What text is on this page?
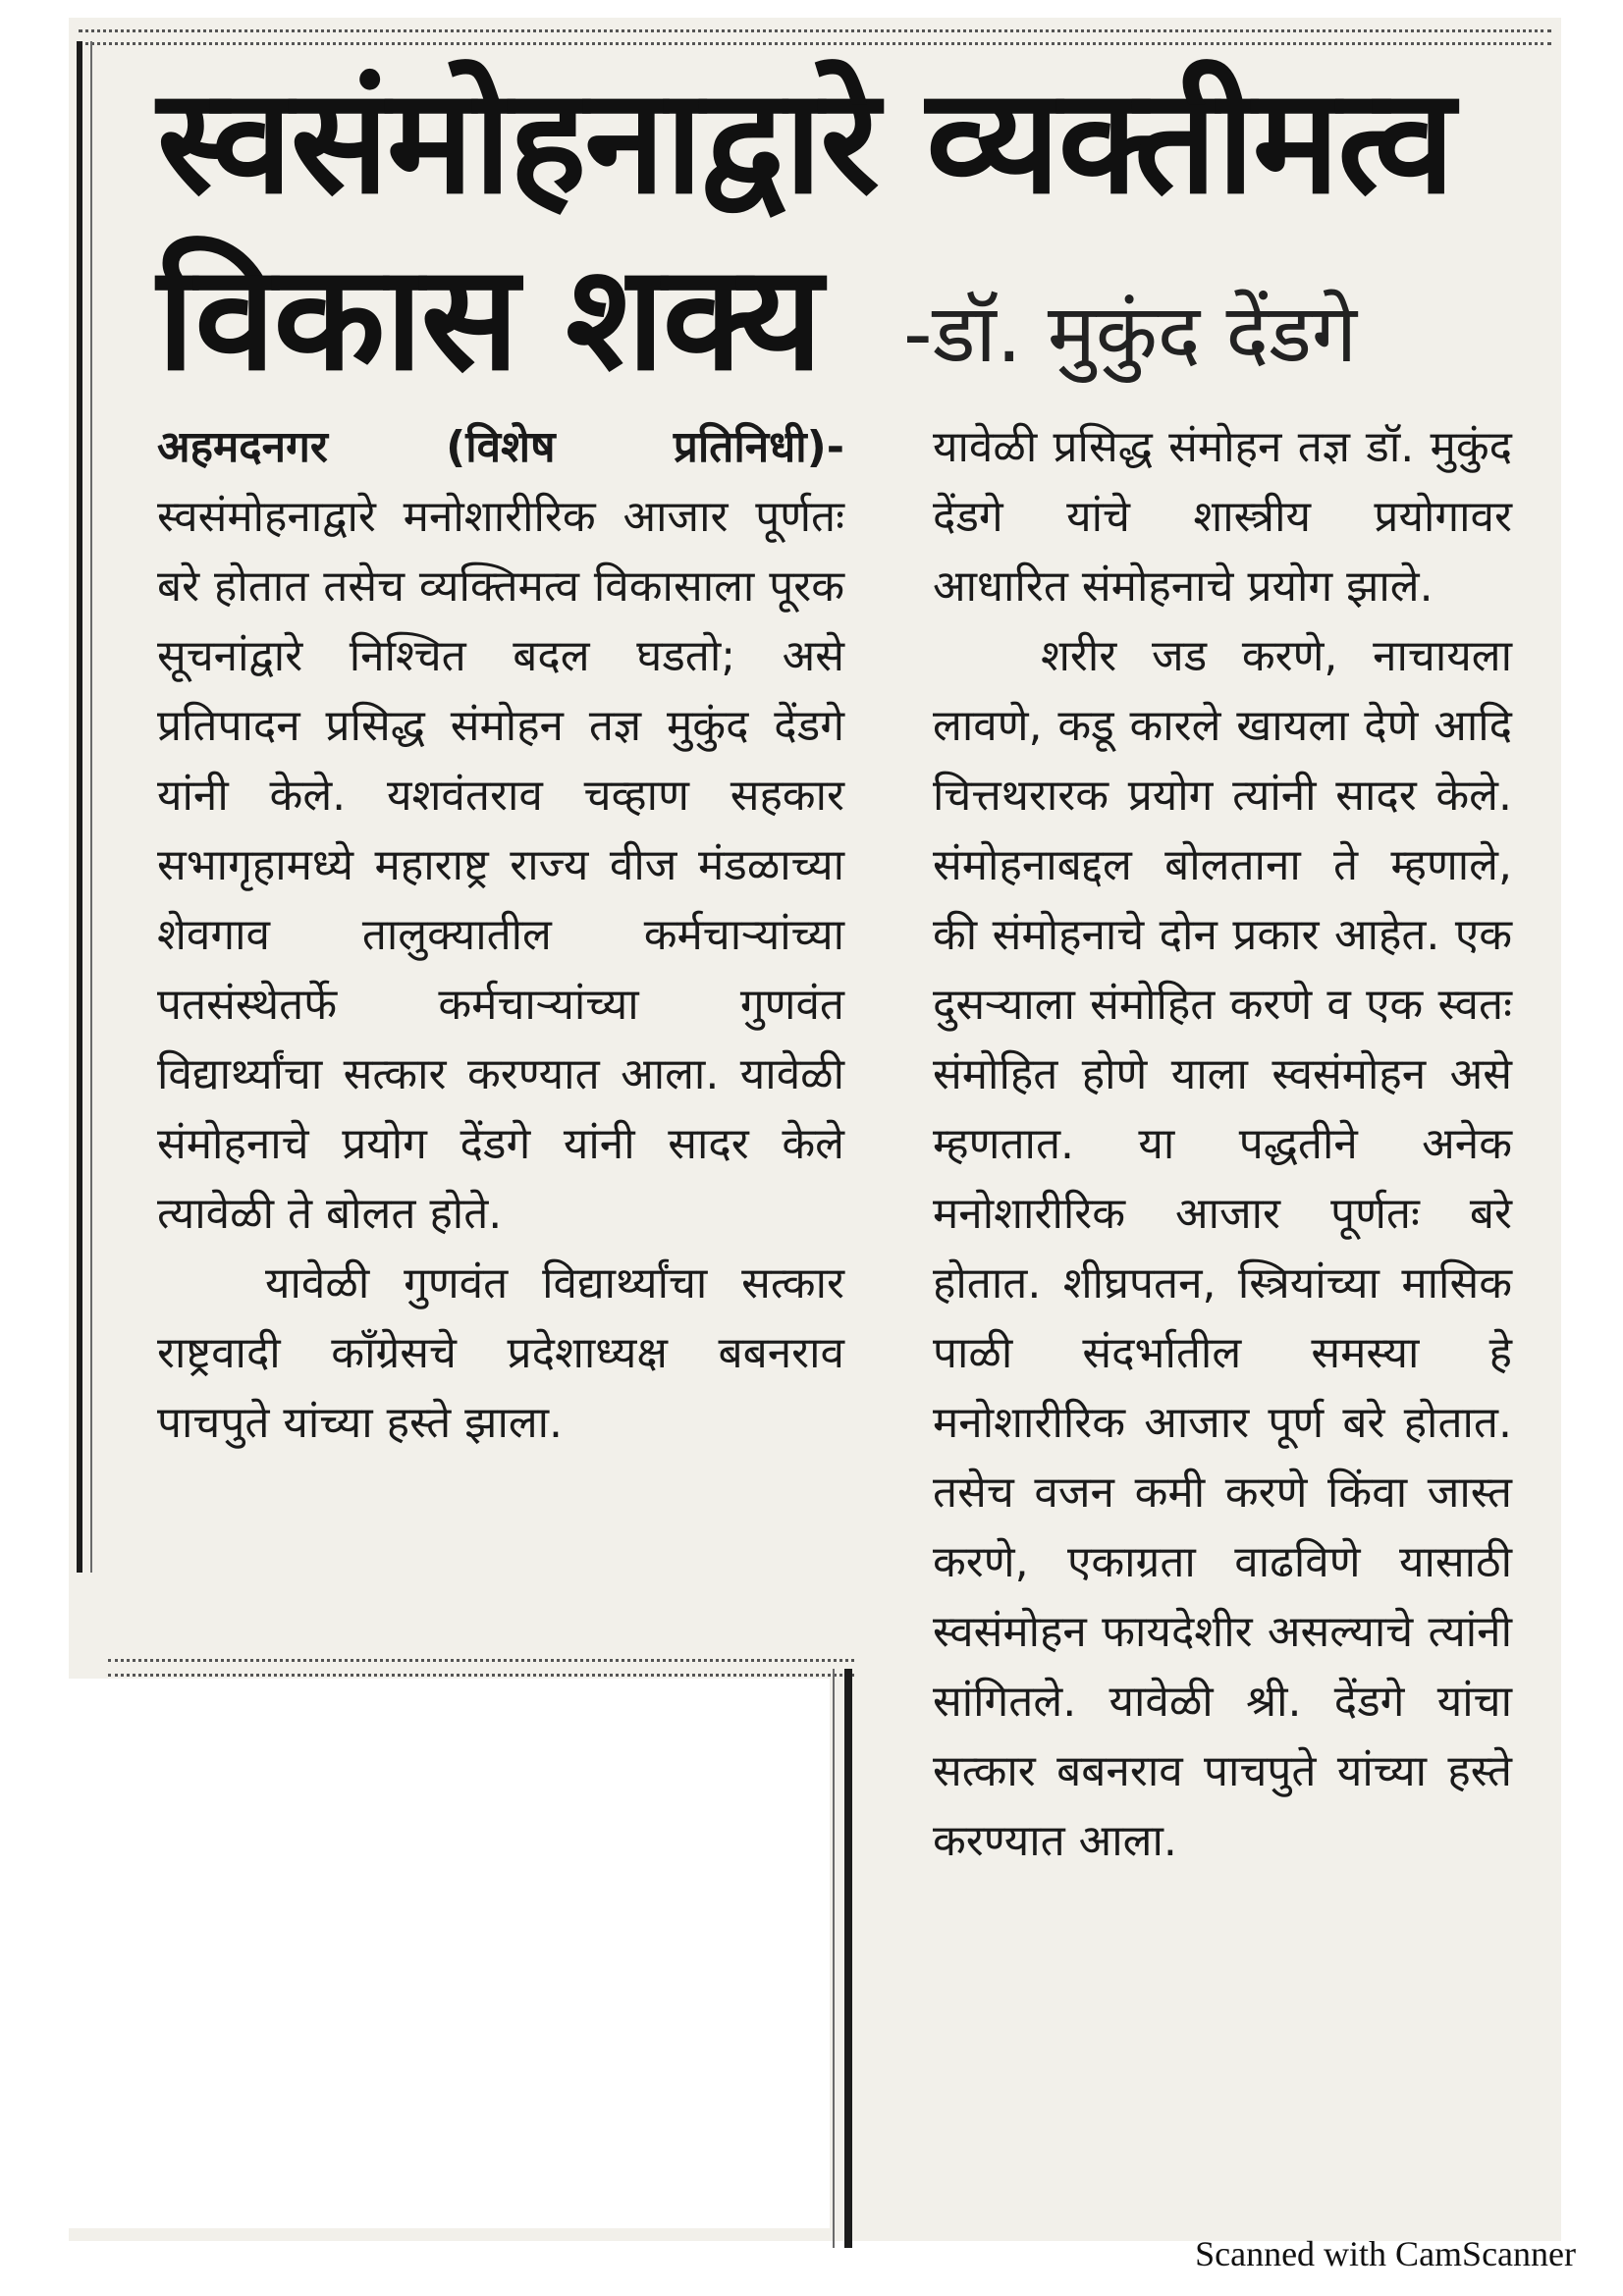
स्वसंमोहनाद्वारे व्यक्तीमत्व
विकास शक्य -डॉ. मुकुंद देंडगे

अहमदनगर (विशेष प्रतिनिधी)- स्वसंमोहनाद्वारे मनोशारीरिक आजार पूर्णतः बरे होतात तसेच व्यक्तिमत्व विकासाला पूरक सूचनांद्वारे निश्चित बदल घडतो; असे प्रतिपादन प्रसिद्ध संमोहन तज्ञ मुकुंद देंडगे यांनी केले. यशवंतराव चव्हाण सहकार सभागृहामध्ये महाराष्ट्र राज्य वीज मंडळाच्या शेवगाव तालुक्यातील कर्मचाऱ्यांच्या पतसंस्थेतर्फे कर्मचाऱ्यांच्या गुणवंत विद्यार्थ्यांचा सत्कार करण्यात आला. यावेळी संमोहनाचे प्रयोग देंडगे यांनी सादर केले त्यावेळी ते बोलत होते.

यावेळी गुणवंत विद्यार्थ्यांचा सत्कार राष्ट्रवादी काँग्रेसचे प्रदेशाध्यक्ष बबनराव पाचपुते यांच्या हस्ते झाला.

यावेळी प्रसिद्ध संमोहन तज्ञ डॉ. मुकुंद देंडगे यांचे शास्त्रीय प्रयोगावर आधारित संमोहनाचे प्रयोग झाले.

शरीर जड करणे, नाचायला लावणे, कडू कारले खायला देणे आदि चित्तथरारक प्रयोग त्यांनी सादर केले. संमोहनाबद्दल बोलताना ते म्हणाले, की संमोहनाचे दोन प्रकार आहेत. एक दुसऱ्याला संमोहित करणे व एक स्वतः संमोहित होणे याला स्वसंमोहन असे म्हणतात. या पद्धतीने अनेक मनोशारीरिक आजार पूर्णतः बरे होतात. शीघ्रपतन, स्त्रियांच्या मासिक पाळी संदर्भातील समस्या हे मनोशारीरिक आजार पूर्ण बरे होतात. तसेच वजन कमी करणे किंवा जास्त करणे, एकाग्रता वाढविणे यासाठी स्वसंमोहन फायदेशीर असल्याचे त्यांनी सांगितले. यावेळी श्री. देंडगे यांचा सत्कार बबनराव पाचपुते यांच्या हस्ते करण्यात आला.

Scanned with CamScanner
